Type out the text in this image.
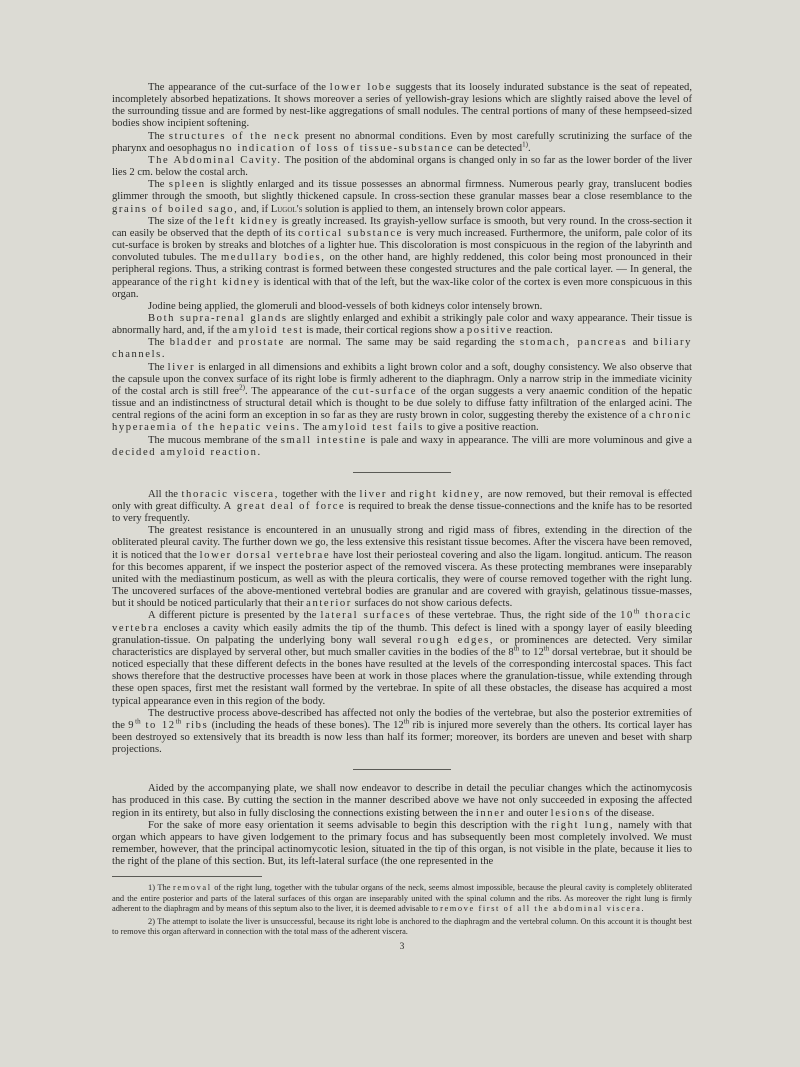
The appearance of the cut-surface of the lower lobe suggests that its loosely indurated substance is the seat of repeated, incompletely absorbed hepatizations. It shows moreover a series of yellowish-gray lesions which are slightly raised above the level of the surrounding tissue and are formed by nest-like aggregations of small nodules. The central portions of many of these hempseed-sized bodies show incipient softening.

The structures of the neck present no abnormal conditions. Even by most carefully scrutinizing the surface of the pharynx and oesophagus no indication of loss of tissue-substance can be detected$^{1)}$.

The Abdominal Cavity. The position of the abdominal organs is changed only in so far as the lower border of the liver lies 2 cm. below the costal arch.

The spleen is slightly enlarged and its tissue possesses an abnormal firmness. Numerous pearly gray, translucent bodies glimmer through the smooth, but slightly thickened capsule. In cross-section these granular masses bear a close resemblance to the grains of boiled sago, and, if Lugol's solution is applied to them, an intensely brown color appears.

The size of the left kidney is greatly increased. Its grayish-yellow surface is smooth, but very round. In the cross-section it can easily be observed that the depth of its cortical substance is very much increased. Furthermore, the uniform, pale color of its cut-surface is broken by streaks and blotches of a lighter hue. This discoloration is most conspicuous in the region of the labyrinth and convoluted tubules. The medullary bodies, on the other hand, are highly reddened, this color being most pronounced in their peripheral regions. Thus, a striking contrast is formed between these congested structures and the pale cortical layer. — In general, the appearance of the right kidney is identical with that of the left, but the wax-like color of the cortex is even more conspicuous in this organ.

Jodine being applied, the glomeruli and blood-vessels of both kidneys color intensely brown.

Both supra-renal glands are slightly enlarged and exhibit a strikingly pale color and waxy appearance. Their tissue is abnormally hard, and, if the amyloid test is made, their cortical regions show a positive reaction.

The bladder and prostate are normal. The same may be said regarding the stomach, pancreas and biliary channels.

The liver is enlarged in all dimensions and exhibits a light brown color and a soft, doughy consistency. We also observe that the capsule upon the convex surface of its right lobe is firmly adherent to the diaphragm. Only a narrow strip in the immediate vicinity of the costal arch is still free$^{2)}$. The appearance of the cut-surface of the organ suggests a very anaemic condition of the hepatic tissue and an indistinctness of structural detail which is thought to be due solely to diffuse fatty infiltration of the enlarged acini. The central regions of the acini form an exception in so far as they are rusty brown in color, suggesting thereby the existence of a chronic hyperaemia of the hepatic veins. The amyloid test fails to give a positive reaction.

The mucous membrane of the small intestine is pale and waxy in appearance. The villi are more voluminous and give a decided amyloid reaction.

All the thoracic viscera, together with the liver and right kidney, are now removed, but their removal is effected only with great difficulty. A great deal of force is required to break the dense tissue-connections and the knife has to be resorted to very frequently.

The greatest resistance is encountered in an unusually strong and rigid mass of fibres, extending in the direction of the obliterated pleural cavity. The further down we go, the less extensive this resistant tissue becomes. After the viscera have been removed, it is noticed that the lower dorsal vertebrae have lost their periosteal covering and also the ligam. longitud. anticum. The reason for this becomes apparent, if we inspect the posterior aspect of the removed viscera. As these protecting membranes were inseparably united with the mediastinum posticum, as well as with the pleura corticalis, they were of course removed together with the right lung. The uncovered surfaces of the above-mentioned vertebral bodies are granular and are covered with grayish, gelatinous tissue-masses, but it should be noticed particularly that their anterior surfaces do not show carious defects.

A different picture is presented by the lateral surfaces of these vertebrae. Thus, the right side of the 10th thoracic vertebra encloses a cavity which easily admits the tip of the thumb. This defect is lined with a spongy layer of easily bleeding granulation-tissue. On palpating the underlying bony wall several rough edges, or prominences are detected. Very similar characteristics are displayed by serveral other, but much smaller cavities in the bodies of the 8th to 12th dorsal vertebrae, but it should be noticed especially that these different defects in the bones have resulted at the levels of the corresponding intercostal spaces. This fact shows therefore that the destructive processes have been at work in those places where the granulation-tissue, while extending through these open spaces, first met the resistant wall formed by the vertebrae. In spite of all these obstacles, the disease has acquired a most typical appearance even in this region of the body.

The destructive process above-described has affected not only the bodies of the vertebrae, but also the posterior extremities of the 9th to 12th ribs (including the heads of these bones). The 12th rib is injured more severely than the others. Its cortical layer has been destroyed so extensively that its breadth is now less than half its former; moreover, its borders are uneven and beset with sharp projections.

Aided by the accompanying plate, we shall now endeavor to describe in detail the peculiar changes which the actinomycosis has produced in this case. By cutting the section in the manner described above we have not only succeeded in exposing the affected region in its entirety, but also in fully disclosing the connections existing between the inner and outer lesions of the disease.

For the sake of more easy orientation it seems advisable to begin this description with the right lung, namely with that organ which appears to have given lodgement to the primary focus and has subsequently been most completely involved. We must remember, however, that the principal actinomycotic lesion, situated in the tip of this organ, is not visible in the plate, because it lies to the right of the plane of this section. But, its left-lateral surface (the one represented in the

1) The removal of the right lung, together with the tubular organs of the neck, seems almost impossible, because the pleural cavity is completely obliterated and the entire posterior and parts of the lateral surfaces of this organ are inseparably united with the spinal column and the ribs. As moreover the right lung is firmly adherent to the diaphragm and by means of this septum also to the liver, it is deemed advisable to remove first of all the abdominal viscera.

2) The attempt to isolate the liver is unsuccessful, because its right lobe is anchored to the diaphragm and the vertebral column. On this account it is thought best to remove this organ afterward in connection with the total mass of the adherent viscera.

3
